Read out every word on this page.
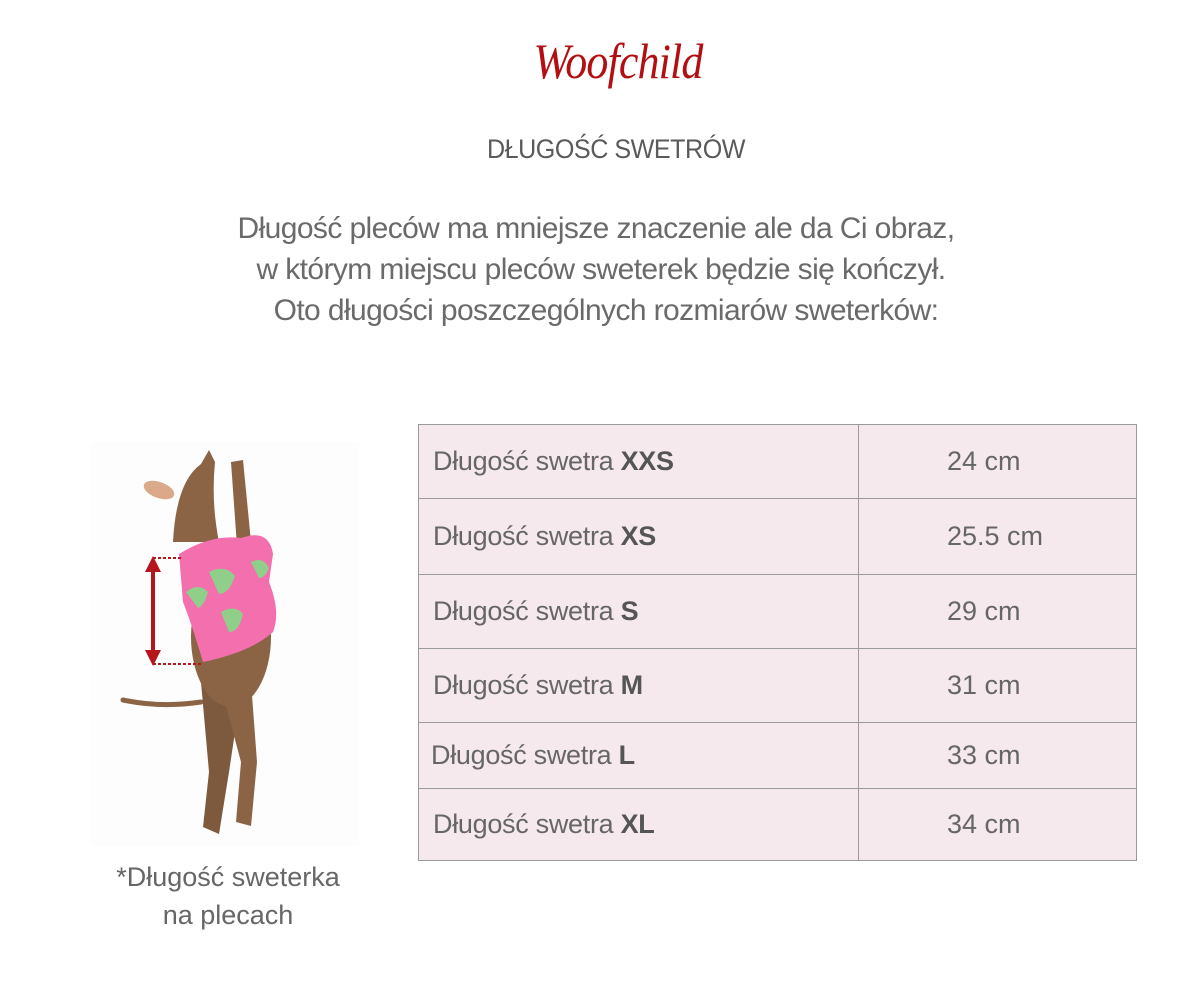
Woofchild
DŁUGOŚĆ SWETRÓW
Długość pleców ma mniejsze znaczenie ale da Ci obraz,
w którym miejscu pleców sweterek będzie się kończył.
Oto długości poszczególnych rozmiarów sweterków:
*Długość sweterka
na plecach
Długość swetra XXS	24 cm
Długość swetra XS	25.5 cm
Długość swetra S	29 cm
Długość swetra M	31 cm
Długość swetra L	33 cm
Długość swetra XL	34 cm
